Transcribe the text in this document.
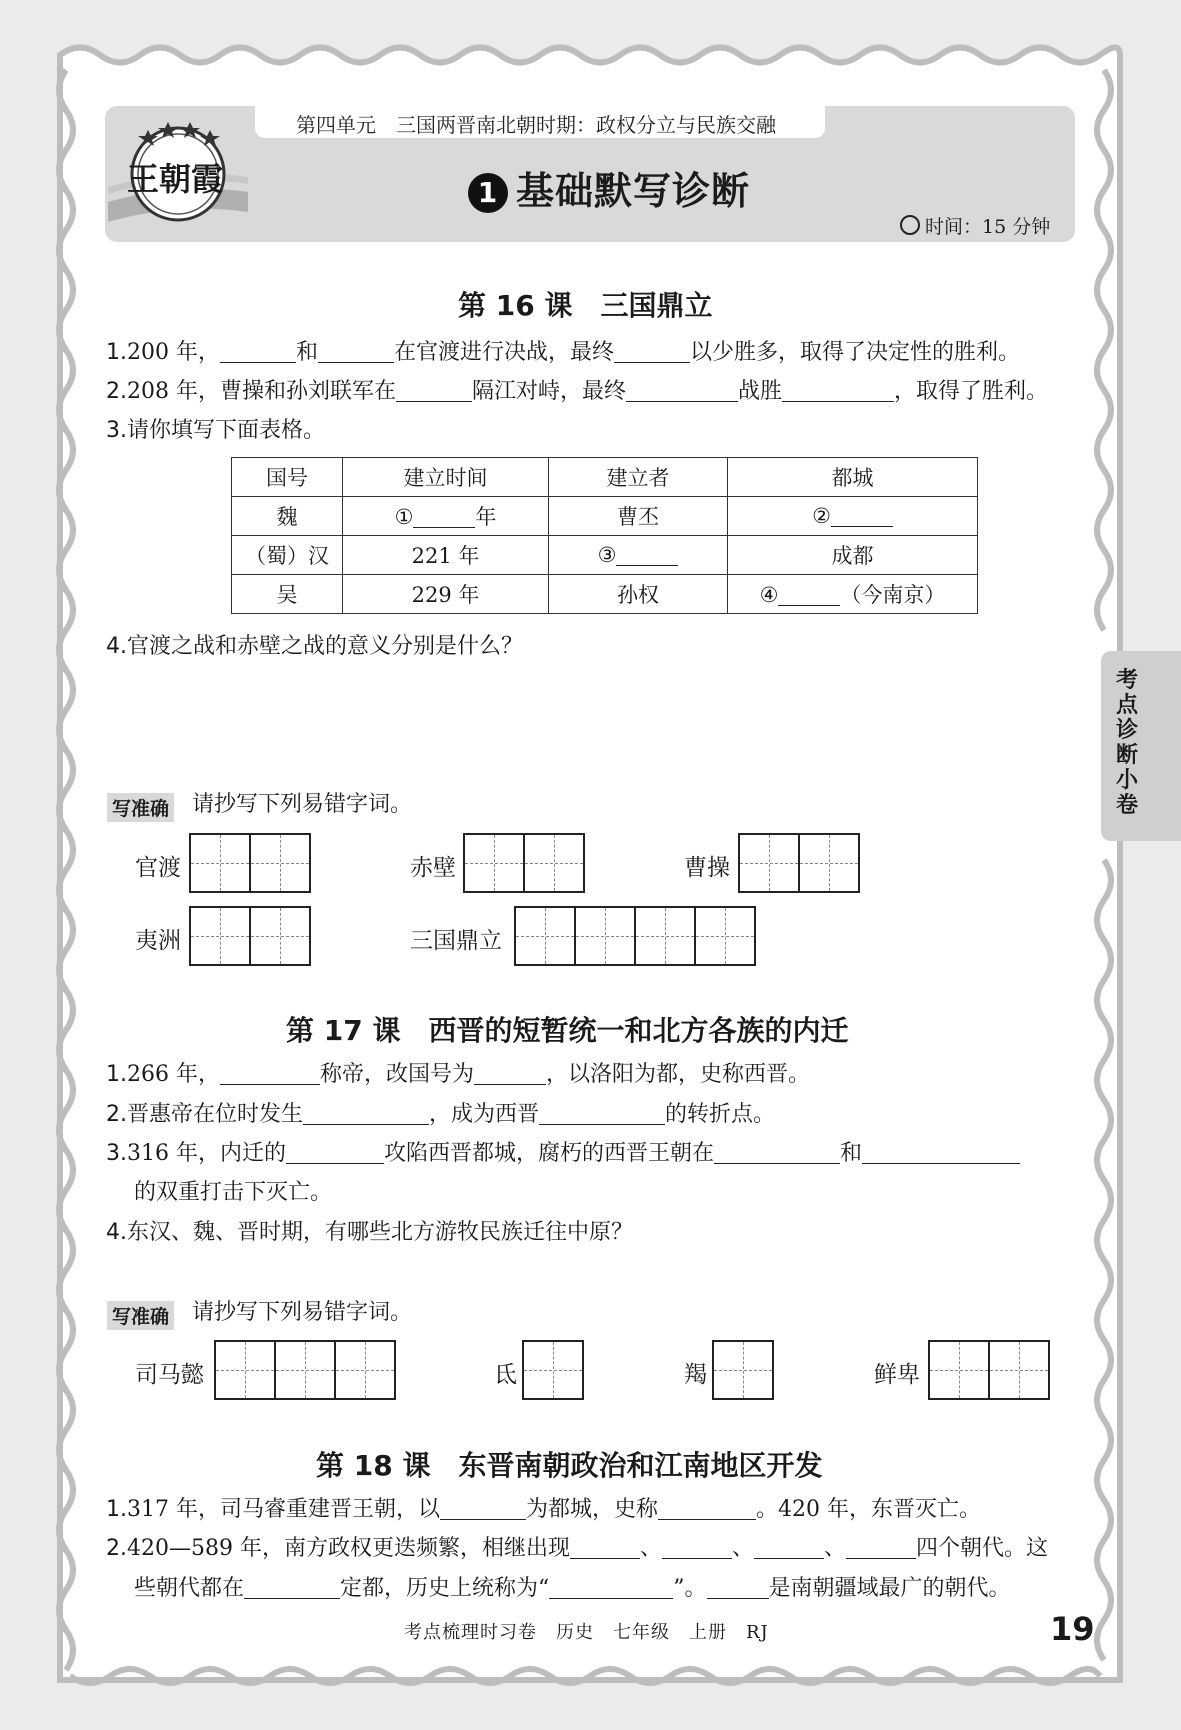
第四单元　三国两晋南北朝时期：政权分立与民族交融
王朝霞	1 基础默写诊断
时间：15 分钟
考点诊断小卷
第 16 课　三国鼎立
1.200 年，	和	在官渡进行决战，最终	以少胜多，取得了决定性的胜利。
2.208 年，曹操和孙刘联军在	隔江对峙，最终	战胜	，取得了胜利。
3.请你填写下面表格。
国号	建立时间	建立者	都城
魏	① 年	曹丕	②
（蜀）汉	221 年	③	成都
吴	229 年	孙权	④ （今南京）
4.官渡之战和赤壁之战的意义分别是什么？
写准确 请抄写下列易错字词。
官渡	赤壁	曹操
夷洲	三国鼎立
第 17 课　西晋的短暂统一和北方各族的内迁
1.266 年，	称帝，改国号为	，以洛阳为都，史称西晋。
2.晋惠帝在位时发生	，成为西晋	的转折点。
3.316 年，内迁的	攻陷西晋都城，腐朽的西晋王朝在	和
的双重打击下灭亡。
4.东汉、魏、晋时期，有哪些北方游牧民族迁往中原？
写准确 请抄写下列易错字词。
司马懿	氐	羯	鲜卑
第 18 课　东晋南朝政治和江南地区开发
1.317 年，司马睿重建晋王朝，以	为都城，史称	。420 年，东晋灭亡。
2.420—589 年，南方政权更迭频繁，相继出现	、	、	、	四个朝代。这
些朝代都在	定都，历史上统称为“	”。	是南朝疆域最广的朝代。
考点梳理时习卷　历史　七年级　上册　RJ	19
